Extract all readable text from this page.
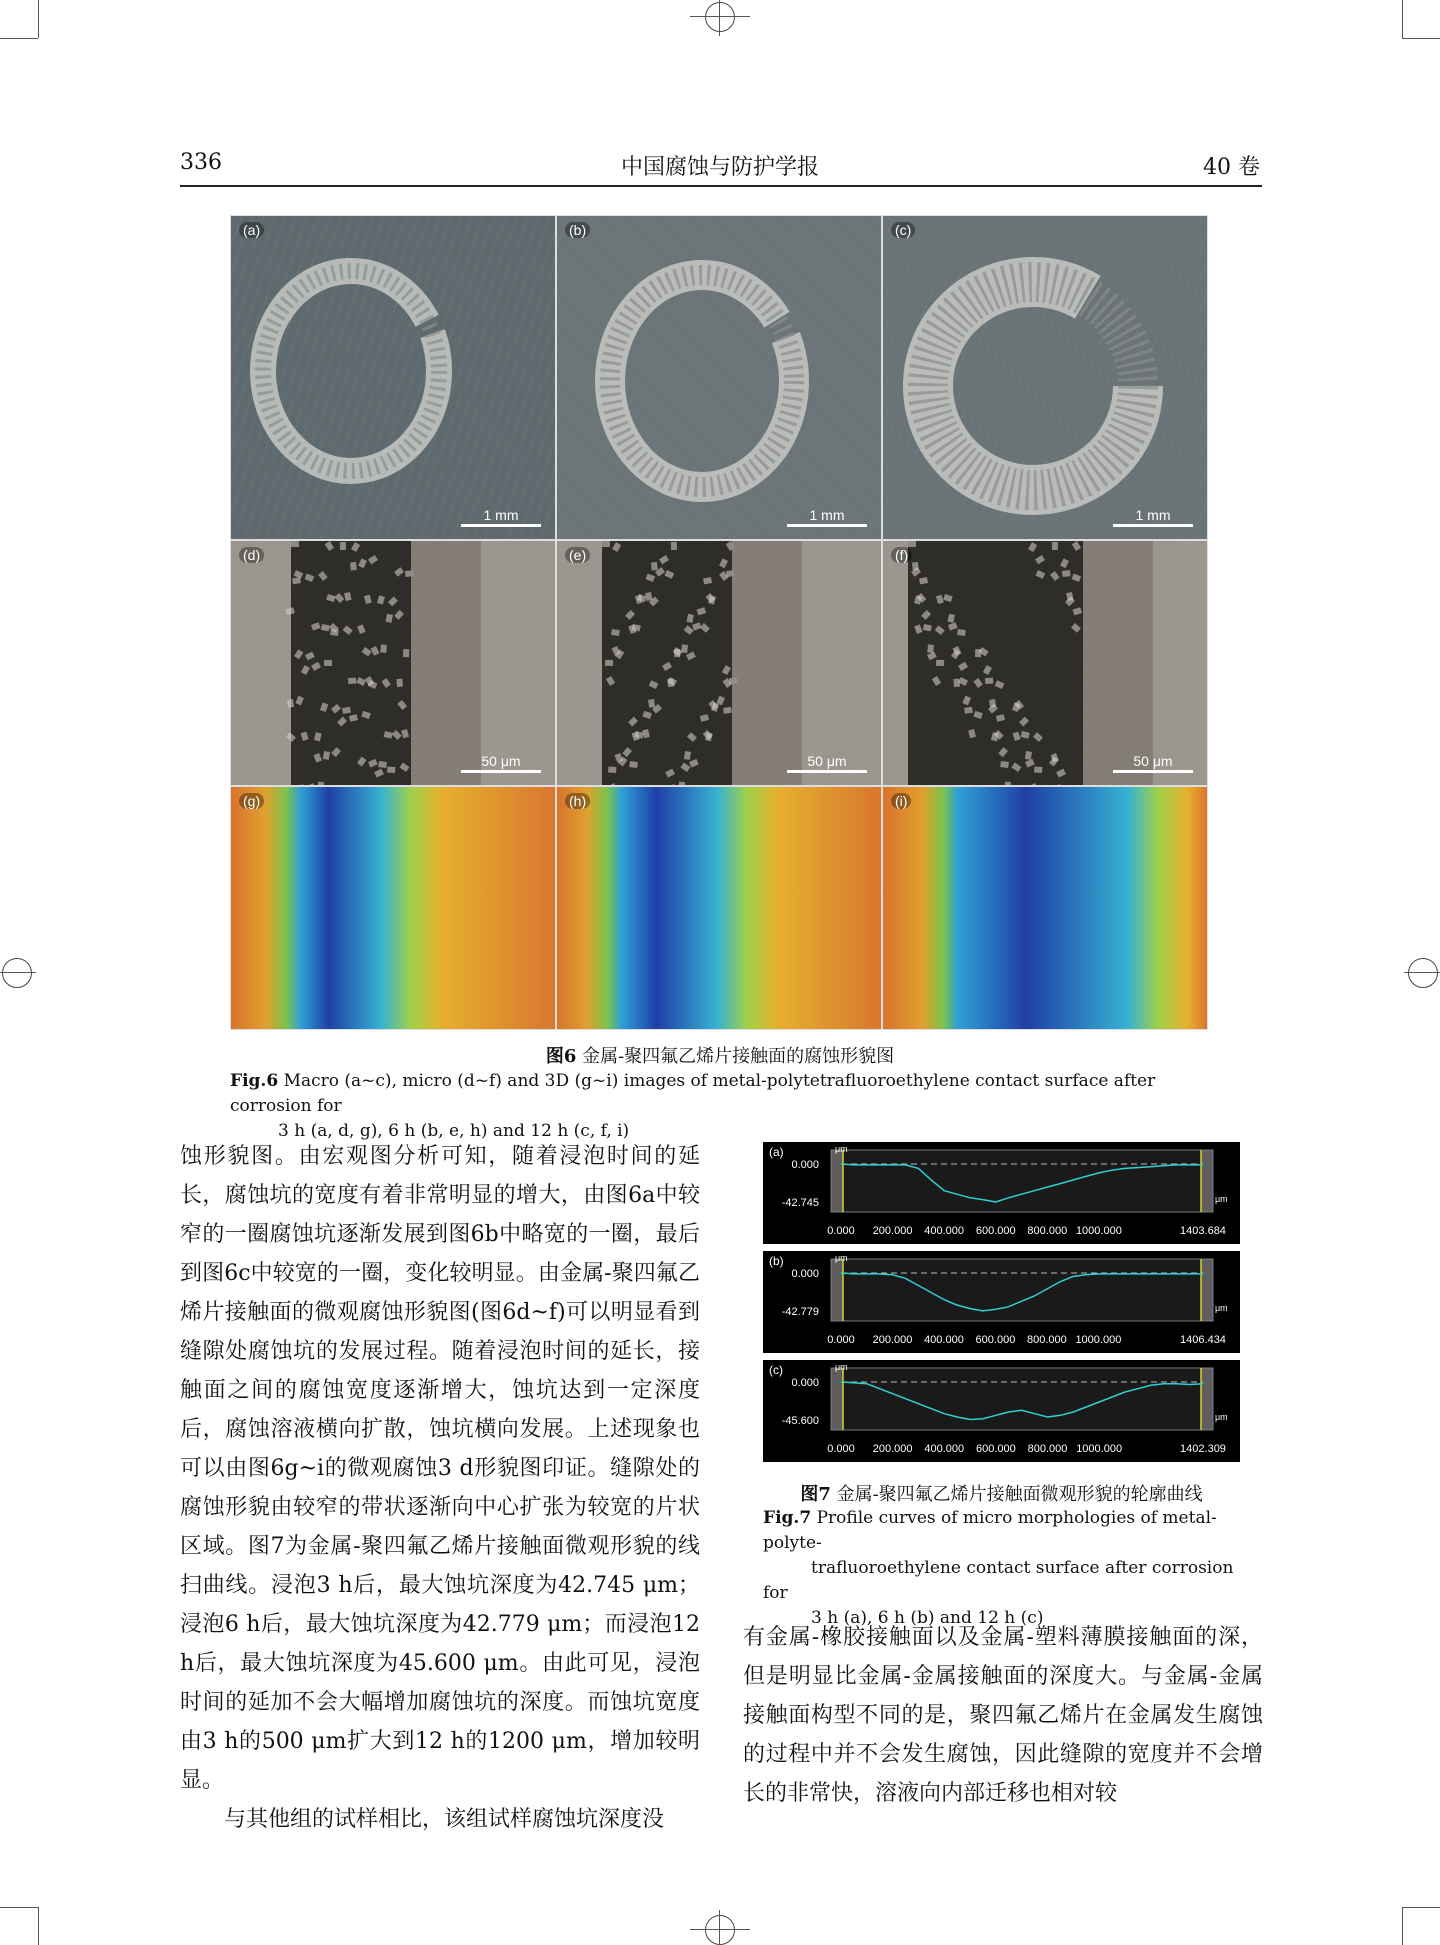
336	中国腐蚀与防护学报	40 卷
(a)
1 mm
(b)
1 mm
(c)
1 mm
(d)
50 μm
(e)
50 μm
(f)
50 μm
(g)	(h)	(i)
图6 金属-聚四氟乙烯片接触面的腐蚀形貌图
Fig.6 Macro (a~c), micro (d~f) and 3D (g~i) images of metal-polytetrafluoroethylene contact surface after corrosion for
3 h (a, d, g), 6 h (b, e, h) and 12 h (c, f, i)

蚀形貌图。由宏观图分析可知，随着浸泡时间的延长，腐蚀坑的宽度有着非常明显的增大，由图6a中较窄的一圈腐蚀坑逐渐发展到图6b中略宽的一圈，最后到图6c中较宽的一圈，变化较明显。由金属-聚四氟乙烯片接触面的微观腐蚀形貌图(图6d~f)可以明显看到缝隙处腐蚀坑的发展过程。随着浸泡时间的延长，接触面之间的腐蚀宽度逐渐增大，蚀坑达到一定深度后，腐蚀溶液横向扩散，蚀坑横向发展。上述现象也可以由图6g~i的微观腐蚀3 d形貌图印证。缝隙处的腐蚀形貌由较窄的带状逐渐向中心扩张为较宽的片状区域。图7为金属-聚四氟乙烯片接触面微观形貌的线扫曲线。浸泡3 h后，最大蚀坑深度为42.745 μm；浸泡6 h后，最大蚀坑深度为42.779 μm；而浸泡12 h后，最大蚀坑深度为45.600 μm。由此可见，浸泡时间的延加不会大幅增加腐蚀坑的深度。而蚀坑宽度由3 h的500 μm扩大到12 h的1200 μm，增加较明显。

与其他组的试样相比，该组试样腐蚀坑深度没

(a)	μm
0.000
-42.745	μm
0.000 200.000 400.000 600.000 800.000 1000.000	1403.684
(b)	μm
0.000
-42.779	μm
0.000 200.000 400.000 600.000 800.000 1000.000	1406.434
(c)	μm
0.000
-45.600	μm
0.000 200.000 400.000 600.000 800.000 1000.000	1402.309
图7 金属-聚四氟乙烯片接触面微观形貌的轮廓曲线
Fig.7 Profile curves of micro morphologies of metal-polyte-
trafluoroethylene contact surface after corrosion for
3 h (a), 6 h (b) and 12 h (c)

有金属-橡胶接触面以及金属-塑料薄膜接触面的深，但是明显比金属-金属接触面的深度大。与金属-金属接触面构型不同的是，聚四氟乙烯片在金属发生腐蚀的过程中并不会发生腐蚀，因此缝隙的宽度并不会增长的非常快，溶液向内部迁移也相对较
